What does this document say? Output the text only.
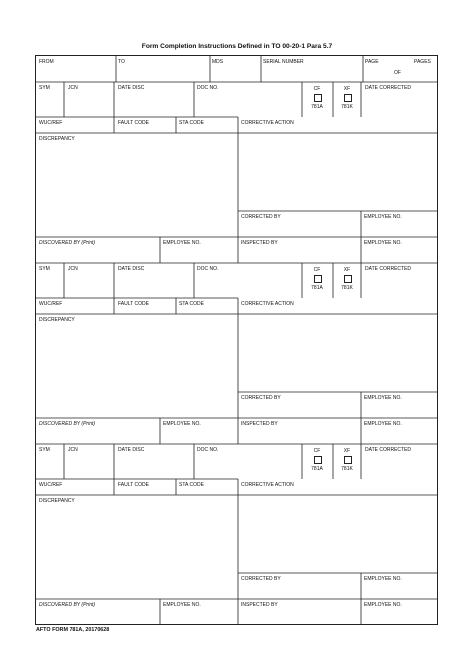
Form Completion Instructions Defined in TO 00-20-1 Para 5.7
FROM	TO	MDS	SERIAL NUMBER	PAGE	PAGES
OF
SYM	JCN	DATE DISC	DOC NO.	DATE CORRECTED
CF	XF
781A	781K
WUC/REF	FAULT CODE	STA CODE	CORRECTIVE ACTION
DISCREPANCY
CORRECTED BY	EMPLOYEE NO.
DISCOVERED BY (Print)	EMPLOYEE NO.	INSPECTED BY	EMPLOYEE NO.
SYM	JCN	DATE DISC	DOC NO.	DATE CORRECTED
CF	XF
781A	781K
WUC/REF	FAULT CODE	STA CODE	CORRECTIVE ACTION
DISCREPANCY
CORRECTED BY	EMPLOYEE NO.
DISCOVERED BY (Print)	EMPLOYEE NO.	INSPECTED BY	EMPLOYEE NO.
SYM	JCN	DATE DISC	DOC NO.	DATE CORRECTED
CF	XF
781A	781K
WUC/REF	FAULT CODE	STA CODE	CORRECTIVE ACTION
DISCREPANCY
CORRECTED BY	EMPLOYEE NO.
DISCOVERED BY (Print)	EMPLOYEE NO.	INSPECTED BY	EMPLOYEE NO.
AFTO FORM 781A, 20170628
